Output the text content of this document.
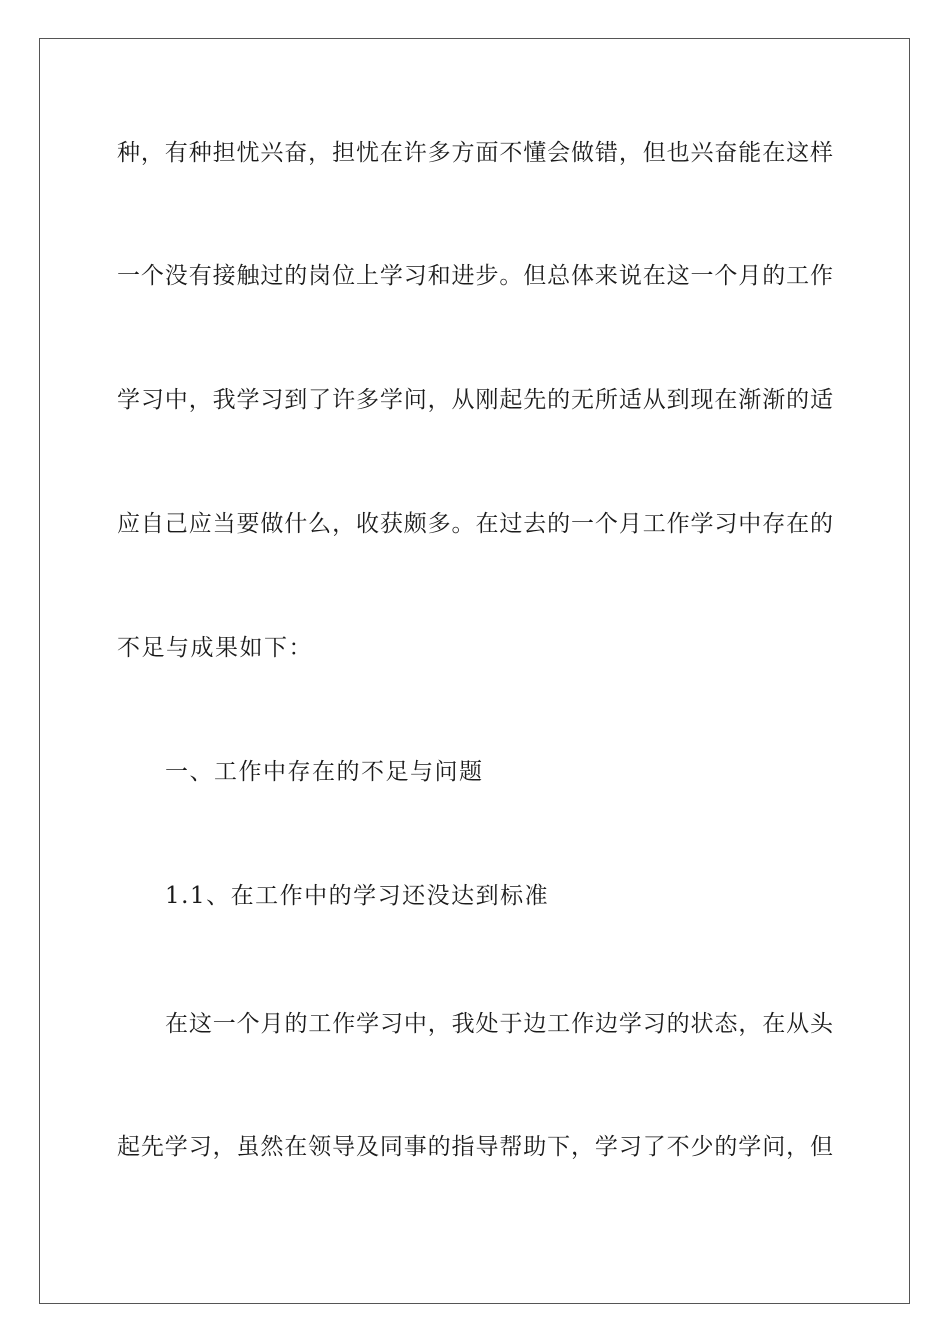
种，有种担忧兴奋，担忧在许多方面不懂会做错，但也兴奋能在这样
一个没有接触过的岗位上学习和进步。但总体来说在这一个月的工作
学习中，我学习到了许多学问，从刚起先的无所适从到现在渐渐的适
应自己应当要做什么，收获颇多。在过去的一个月工作学习中存在的
不足与成果如下：
一、工作中存在的不足与问题
1.1、在工作中的学习还没达到标准
在这一个月的工作学习中，我处于边工作边学习的状态，在从头
起先学习，虽然在领导及同事的指导帮助下，学习了不少的学问，但
